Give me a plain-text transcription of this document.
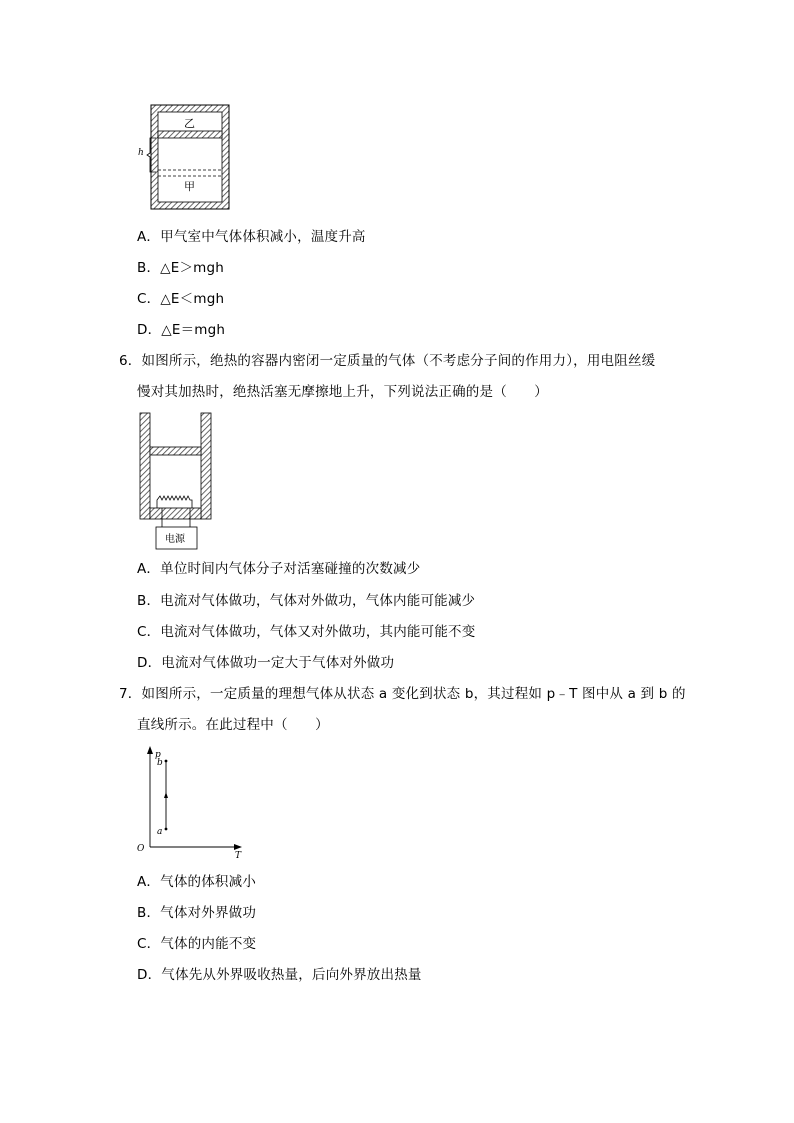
h
乙
甲
A．甲气室中气体体积减小，温度升高
B．△E＞mgh
C．△E＜mgh
D．△E＝mgh
6．如图所示，绝热的容器内密闭一定质量的气体（不考虑分子间的作用力），用电阻丝缓
慢对其加热时，绝热活塞无摩擦地上升，下列说法正确的是（　　）
电源
A．单位时间内气体分子对活塞碰撞的次数减少
B．电流对气体做功，气体对外做功，气体内能可能减少
C．电流对气体做功，气体又对外做功，其内能可能不变
D．电流对气体做功一定大于气体对外做功
7．如图所示，一定质量的理想气体从状态 a 变化到状态 b，其过程如 p﹣T 图中从 a 到 b 的
直线所示。在此过程中（　　）
p
T
O
a
b
A．气体的体积减小
B．气体对外界做功
C．气体的内能不变
D．气体先从外界吸收热量，后向外界放出热量
